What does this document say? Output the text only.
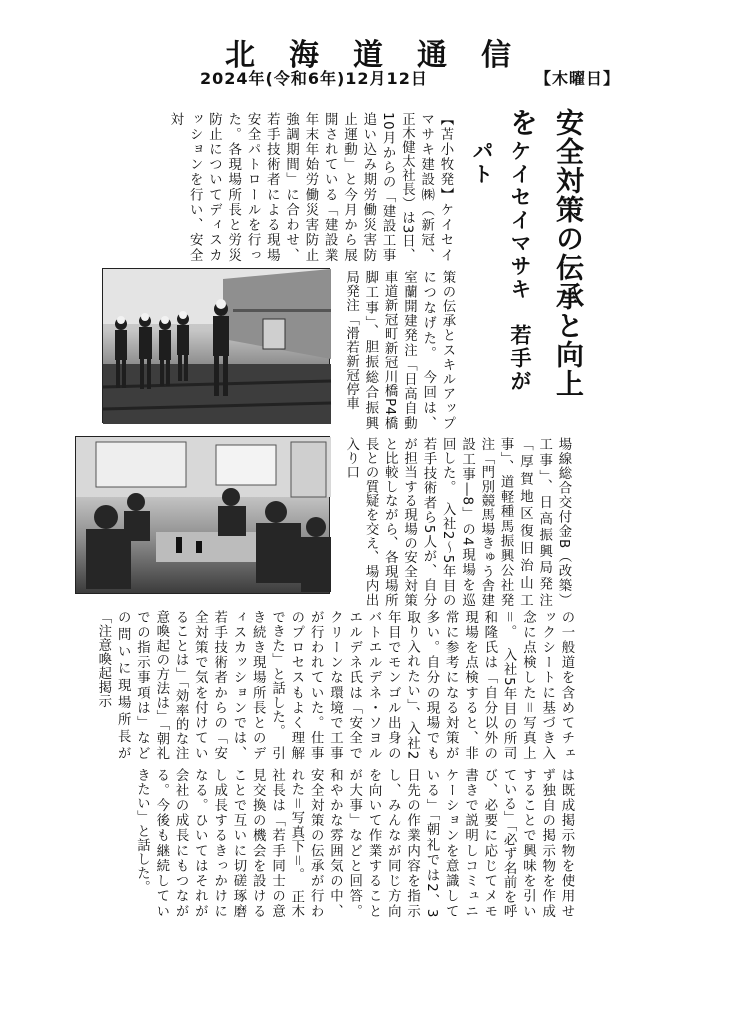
北海道通信
2024年(令和6年)12月12日	【木曜日】
安全対策の伝承と向上を
ケイセイマサキ　若手がパト

【苫小牧発】ケイセイマサキ建設㈱（新冠、正木健太社長）は3日、10月からの「建設工事追い込み期労働災害防止運動」と今月から展開されている「建設業年末年始労働災害防止強調期間」に合わせ、若手技術者による現場安全パトロールを行った。各現場所長と労災防止についてディスカッションを行い、安全対

策の伝承とスキルアップにつなげた。　今回は、室蘭開建発注「日高自動車道新冠町新冠川橋P4橋脚工事」、胆振総合振興局発注「滑若新冠停車

場線総合交付金B（改築）工事」、日高振興局発注「厚賀地区復旧治山工事」、道軽種馬振興公社発注「門別競馬場きゅう舎建設工事―8」の4現場を巡回した。　入社2～5年目の若手技術者ら5人が、自分が担当する現場の安全対策と比較しながら、各現場所長との質疑を交え、場内出入り口

の一般道を含めてチェックシートに基づき入念に点検した＝写真上＝。　入社5年目の所司和隆氏は「自分以外の現場を点検すると、非常に参考になる対策が多い。自分の現場でも取り入れたい」、入社2年目でモンゴル出身のバトエルデネ・ソヨルエルデネ氏は「安全でクリーンな環境で工事が行われていた。仕事のプロセスもよく理解できた」と話した。　引き続き現場所長とのディスカッションでは、若手技術者からの「安全対策で気を付けていることは」「効率的な注意喚起の方法は」「朝礼での指示事項は」などの問いに現場所長が「注意喚起掲示

は既成掲示物を使用せず独自の掲示物を作成することで興味を引いている」「必ず名前を呼び、必要に応じてメモ書きで説明しコミュニケーションを意識している」「朝礼では2、3日先の作業内容を指示し、みんなが同じ方向を向いて作業することが大事」などと回答。和やかな雰囲気の中、安全対策の伝承が行われた＝写真下＝。　正木社長は「若手同士の意見交換の機会を設けることで互いに切磋琢磨し成長するきっかけになる。ひいてはそれが会社の成長にもつながる。今後も継続していきたい」と話した。
